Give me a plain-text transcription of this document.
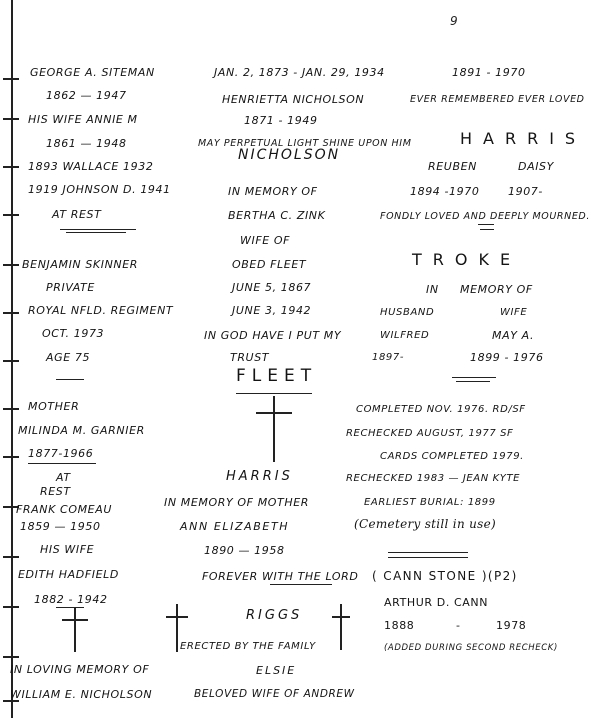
9
GEORGE A. SITEMAN
1862 — 1947
HIS WIFE ANNIE M
1861 — 1948
1893 WALLACE 1932
1919 JOHNSON D. 1941
AT REST
BENJAMIN SKINNER
PRIVATE
ROYAL NFLD. REGIMENT
OCT. 1973
AGE 75
MOTHER
MILINDA M. GARNIER
1877-1966
AT
REST
FRANK COMEAU
1859 — 1950
HIS WIFE
EDITH HADFIELD
1882 - 1942
IN LOVING MEMORY OF
WILLIAM E. NICHOLSON
JAN. 2, 1873 - JAN. 29, 1934
HENRIETTA NICHOLSON
1871 - 1949
MAY PERPETUAL LIGHT SHINE UPON HIM
NICHOLSON
IN MEMORY OF
BERTHA C. ZINK
WIFE OF
OBED FLEET
JUNE 5, 1867
JUNE 3, 1942
IN GOD HAVE I PUT MY
TRUST
FLEET
HARRIS
IN MEMORY OF MOTHER
ANN ELIZABETH
1890 — 1958
FOREVER WITH THE LORD
RIGGS
ERECTED BY THE FAMILY
ELSIE
BELOVED WIFE OF ANDREW
1891 - 1970
EVER REMEMBERED EVER LOVED
HARRIS
REUBEN	DAISY
1894 -1970	1907-
FONDLY LOVED AND DEEPLY MOURNED.
TROKE
IN MEMORY OF
HUSBAND	WIFE
WILFRED	MAY A.
1897-	1899 - 1976
COMPLETED NOV. 1976. RD/SF
RECHECKED AUGUST, 1977 SF
CARDS COMPLETED 1979.
RECHECKED 1983 — JEAN KYTE
EARLIEST BURIAL: 1899
(Cemetery still in use)
( CANN STONE )(P2)
ARTHUR D. CANN
1888	-	1978
(ADDED DURING SECOND RECHECK)
